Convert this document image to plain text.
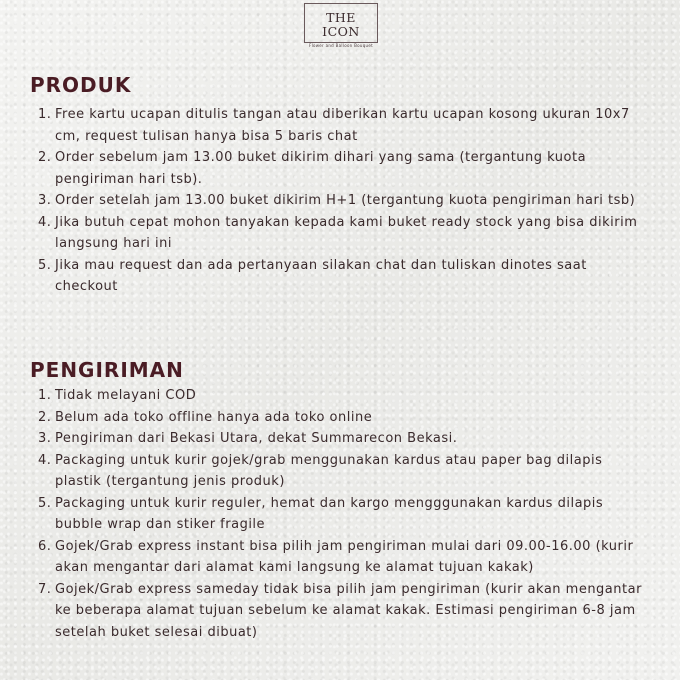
THE ICON
Flower and Balloon Bouquet
PRODUK
1. Free kartu ucapan ditulis tangan atau diberikan kartu ucapan kosong ukuran 10x7 cm, request tulisan hanya bisa 5 baris chat
2. Order sebelum jam 13.00 buket dikirim dihari yang sama (tergantung kuota pengiriman hari tsb).
3. Order setelah jam 13.00 buket dikirim H+1 (tergantung kuota pengiriman hari tsb)
4. Jika butuh cepat mohon tanyakan kepada kami buket ready stock yang bisa dikirim langsung hari ini
5. Jika mau request dan ada pertanyaan silakan chat dan tuliskan dinotes saat checkout
PENGIRIMAN
1. Tidak melayani COD
2. Belum ada toko offline hanya ada toko online
3. Pengiriman dari Bekasi Utara, dekat Summarecon Bekasi.
4. Packaging untuk kurir gojek/grab menggunakan kardus atau paper bag dilapis plastik (tergantung jenis produk)
5. Packaging untuk kurir reguler, hemat dan kargo mengggunakan kardus dilapis bubble wrap dan stiker fragile
6. Gojek/Grab express instant bisa pilih jam pengiriman mulai dari 09.00-16.00 (kurir akan mengantar dari alamat kami langsung ke alamat tujuan kakak)
7. Gojek/Grab express sameday tidak bisa pilih jam pengiriman (kurir akan mengantar ke beberapa alamat tujuan sebelum ke alamat kakak. Estimasi pengiriman 6-8 jam setelah buket selesai dibuat)
